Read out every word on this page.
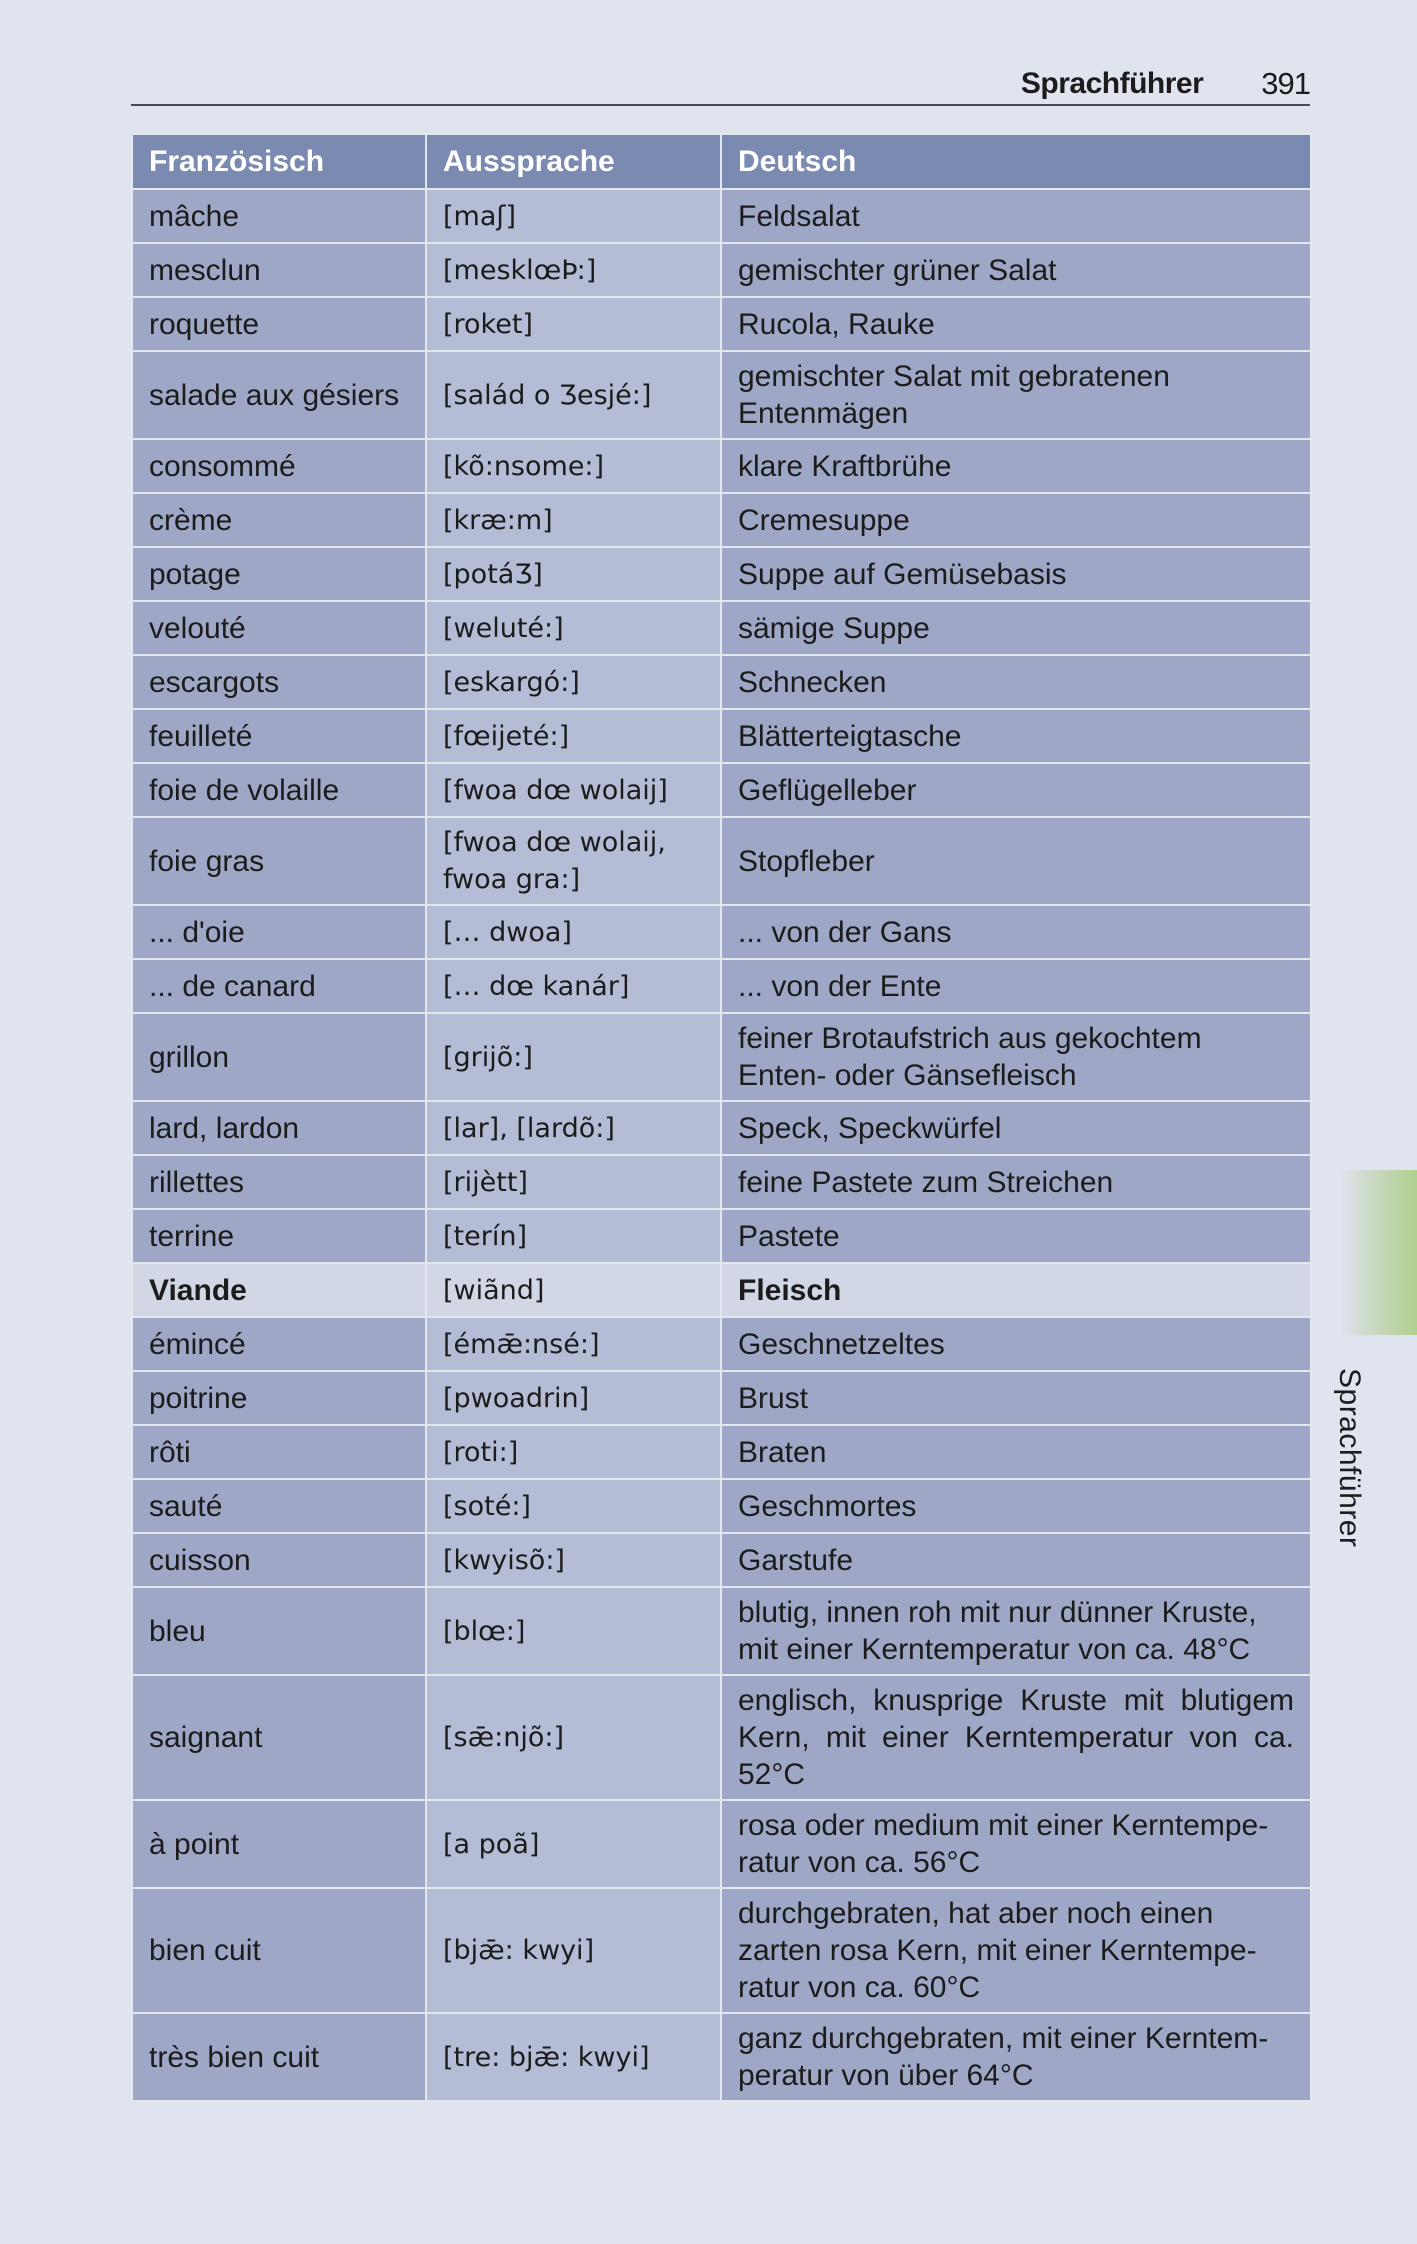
Sprachführer 391
Französisch	Aussprache	Deutsch
mâche	[maʃ]	Feldsalat
mesclun	[mesklœÞ:]	gemischter grüner Salat
roquette	[roket]	Rucola, Rauke
salade aux gésiers	[salád o Ʒesjé:]	gemischter Salat mit gebratenen Entenmägen
consommé	[kõ:nsome:]	klare Kraftbrühe
crème	[kræ:m]	Cremesuppe
potage	[potáƷ]	Suppe auf Gemüsebasis
velouté	[weluté:]	sämige Suppe
escargots	[eskargó:]	Schnecken
feuilleté	[fœijeté:]	Blätterteigtasche
foie de volaille	[fwoa dœ wolaij]	Geflügelleber
foie gras	[fwoa dœ wolaij, fwoa gra:]	Stopfleber
... d'oie	[… dwoa]	... von der Gans
... de canard	[… dœ kanár]	... von der Ente
grillon	[grijõ:]	feiner Brotaufstrich aus gekochtem Enten- oder Gänsefleisch
lard, lardon	[lar], [lardõ:]	Speck, Speckwürfel
rillettes	[rijètt]	feine Pastete zum Streichen
terrine	[terín]	Pastete
Viande	[wiãnd]	Fleisch
émincé	[émǣ:nsé:]	Geschnetzeltes
poitrine	[pwoadrin]	Brust
rôti	[roti:]	Braten
sauté	[soté:]	Geschmortes
cuisson	[kwyisõ:]	Garstufe
bleu	[blœ:]	blutig, innen roh mit nur dünner Kruste, mit einer Kerntemperatur von ca. 48°C
saignant	[sǣ:njõ:]	englisch, knusprige Kruste mit blutigem Kern, mit einer Kerntemperatur von ca. 52°C
à point	[a poã]	rosa oder medium mit einer Kerntemperatur von ca. 56°C
bien cuit	[bjǣ: kwyi]	durchgebraten, hat aber noch einen zarten rosa Kern, mit einer Kerntemperatur von ca. 60°C
très bien cuit	[tre: bjǣ: kwyi]	ganz durchgebraten, mit einer Kerntemperatur von über 64°C
Sprachführer
